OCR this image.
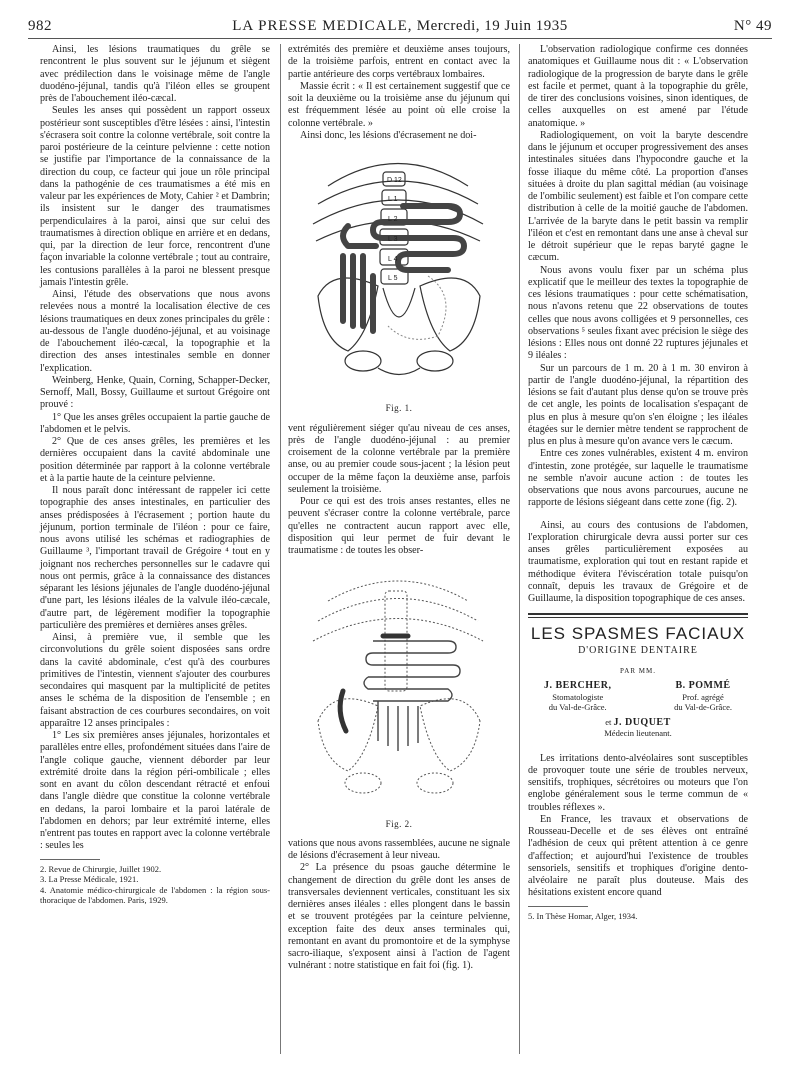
982	LA PRESSE MEDICALE, Mercredi, 19 Juin 1935	N° 49

Ainsi, les lésions traumatiques du grêle se rencontrent le plus souvent sur le jéjunum et siègent avec prédilection dans le voisinage même de l'angle duodéno-jéjunal, tandis qu'à l'iléon elles se groupent près de l'abouchement iléo-cæcal.

Seules les anses qui possèdent un rapport osseux postérieur sont susceptibles d'être lésées : ainsi, l'intestin s'écrasera soit contre la colonne vertébrale, soit contre la paroi postérieure de la ceinture pelvienne : cette notion se justifie par l'importance de la connaissance de la direction du coup, ce facteur qui joue un rôle principal dans la pathogénie de ces traumatismes a été mis en valeur par les expériences de Moty, Cahier ² et Dambrin; ils insistent sur le danger des traumatismes perpendiculaires à la paroi, ainsi que sur celui des traumatismes à direction oblique en arrière et en dedans, qui, par la direction de leur force, rencontrent d'une façon invariable la colonne vertébrale ; tout au contraire, les contusions parallèles à la paroi ne blessent presque jamais l'intestin grêle.

Ainsi, l'étude des observations que nous avons relevées nous a montré la localisation élective de ces lésions traumatiques en deux zones principales du grêle : au-dessous de l'angle duodéno-jéjunal, et au voisinage de l'abouchement iléo-cæcal, la topographie et la direction des anses intestinales semble en donner l'explication.

Weinberg, Henke, Quain, Corning, Schapper-Decker, Sernoff, Mall, Bossy, Guillaume et surtout Grégoire ont prouvé :

1° Que les anses grêles occupaient la partie gauche de l'abdomen et le pelvis.

2° Que de ces anses grêles, les premières et les dernières occupaient dans la cavité abdominale une position déterminée par rapport à la colonne vertébrale et à la partie haute de la ceinture pelvienne.

Il nous paraît donc intéressant de rappeler ici cette topographie des anses intestinales, en particulier des anses prédisposées à l'écrasement ; portion haute du jéjunum, portion terminale de l'iléon : pour ce faire, nous avons utilisé les schémas et radiographies de Guillaume ³, l'important travail de Grégoire ⁴ tout en y joignant nos recherches personnelles sur le cadavre qui nous ont permis, grâce à la connaissance des distances séparant les lésions jéjunales de l'angle duodéno-jéjunal d'une part, les lésions iléales de la valvule iléo-cæcale, d'autre part, de légèrement modifier la topographie particulière des premières et dernières anses grêles.

Ainsi, à première vue, il semble que les circonvolutions du grêle soient disposées sans ordre dans la cavité abdominale, c'est qu'à des courbures primitives de l'intestin, viennent s'ajouter des courbures secondaires qui masquent par la multiplicité de petites anses le schéma de la disposition de l'ensemble ; en faisant abstraction de ces courbures secondaires, on voit apparaître 12 anses principales :

1° Les six premières anses jéjunales, horizontales et parallèles entre elles, profondément situées dans l'aire de l'angle colique gauche, viennent déborder par leur extrémité droite dans la région péri-ombilicale ; elles sont en avant du côlon descendant rétracté et enfoui dans l'angle dièdre que constitue la colonne vertébrale en dedans, la paroi lombaire et la paroi latérale de l'abdomen en dehors; par leur extrémité interne, elles n'entrent pas toutes en rapport avec la colonne vertébrale : seules les

2. Revue de Chirurgie, Juillet 1902.

3. La Presse Médicale, 1921.

4. Anatomie médico-chirurgicale de l'abdomen : la région sous-thoracique de l'abdomen. Paris, 1929.

extrémités des première et deuxième anses toujours, de la troisième parfois, entrent en contact avec la partie antérieure des corps vertébraux lombaires.

Massie écrit : « Il est certainement suggestif que ce soit la deuxième ou la troisième anse du jéjunum qui est fréquemment lésée au point où elle croise la colonne vertébrale. »

Ainsi donc, les lésions d'écrasement ne doi-

D 12
L 1
L 2
L 3
L 4
L 5
Fig. 1.

vent régulièrement siéger qu'au niveau de ces anses, près de l'angle duodéno-jéjunal : au premier croisement de la colonne vertébrale par la première anse, ou au premier coude sous-jacent ; la lésion peut occuper de la même façon la deuxième anse, parfois seulement la troisième.

Pour ce qui est des trois anses restantes, elles ne peuvent s'écraser contre la colonne vertébrale, parce qu'elles ne contractent aucun rapport avec elle, disposition qui leur permet de fuir devant le traumatisme : de toutes les obser-

Fig. 2.

vations que nous avons rassemblées, aucune ne signale de lésions d'écrasement à leur niveau.

2° La présence du psoas gauche détermine le changement de direction du grêle dont les anses de transversales deviennent verticales, constituant les six dernières anses iléales : elles plongent dans le bassin et se trouvent protégées par la ceinture pelvienne, exception faite des deux anses terminales qui, remontant en avant du promontoire et de la symphyse sacro-iliaque, s'exposent ainsi à l'action de l'agent vulnérant : notre statistique en fait foi (fig. 1).

L'observation radiologique confirme ces données anatomiques et Guillaume nous dit : « L'observation radiologique de la progression de baryte dans le grêle est facile et permet, quant à la topographie du grêle, de tirer des conclusions voisines, sinon identiques, de celles auxquelles on est amené par l'étude anatomique. »

Radiologiquement, on voit la baryte descendre dans le jéjunum et occuper progressivement des anses intestinales situées dans l'hypocondre gauche et la fosse iliaque du même côté. La proportion d'anses situées à droite du plan sagittal médian (au voisinage de l'ombilic seulement) est faible et l'on compare cette distribution à celle de la moitié gauche de l'abdomen. L'arrivée de la baryte dans le petit bassin va remplir l'iléon et c'est en remontant dans une anse à cheval sur le détroit supérieur que le repas baryté gagne le cæcum.

Nous avons voulu fixer par un schéma plus explicatif que le meilleur des textes la topographie de ces lésions traumatiques : pour cette schématisation, nous n'avons retenu que 22 observations de toutes celles que nous avons colligées et 9 personnelles, ces observations ⁵ seules fixant avec précision le siège des lésions : Elles nous ont donné 22 ruptures jéjunales et 9 iléales :

Sur un parcours de 1 m. 20 à 1 m. 30 environ à partir de l'angle duodéno-jéjunal, la répartition des lésions se fait d'autant plus dense qu'on se trouve près de cet angle, les points de localisation s'espaçant de plus en plus à mesure qu'on s'en éloigne ; les iléales étagées sur le dernier mètre tendent se rapprochent de plus en plus à mesure qu'on avance vers le cæcum.

Entre ces zones vulnérables, existent 4 m. environ d'intestin, zone protégée, sur laquelle le traumatisme ne semble n'avoir aucune action : de toutes les observations que nous avons parcourues, aucune ne rapporte de lésions siégeant dans cette zone (fig. 2).

Ainsi, au cours des contusions de l'abdomen, l'exploration chirurgicale devra aussi porter sur ces anses grêles particulièrement exposées au traumatisme, exploration qui tout en restant rapide et méthodique évitera l'éviscération totale puisqu'on connaît, depuis les travaux de Grégoire et de Guillaume, la disposition topographique de ces anses.

LES SPASMES FACIAUX
D'ORIGINE DENTAIRE
PAR MM.
J. BERCHER,
Stomatologiste
du Val-de-Grâce.
B. POMMÉ
Prof. agrégé
du Val-de-Grâce.
et J. DUQUET
Médecin lieutenant.

Les irritations dento-alvéolaires sont susceptibles de provoquer toute une série de troubles nerveux, sensitifs, trophiques, sécrétoires ou moteurs que l'on englobe généralement sous le terme commun de « troubles réflexes ».

En France, les travaux et observations de Rousseau-Decelle et de ses élèves ont entraîné l'adhésion de ceux qui prêtent attention à ce genre d'affection; et aujourd'hui l'existence de troubles sensoriels, sensitifs et trophiques d'origine dento-alvéolaire ne paraît plus douteuse. Mais des hésitations existent encore quand

5. In Thèse Homar, Alger, 1934.
